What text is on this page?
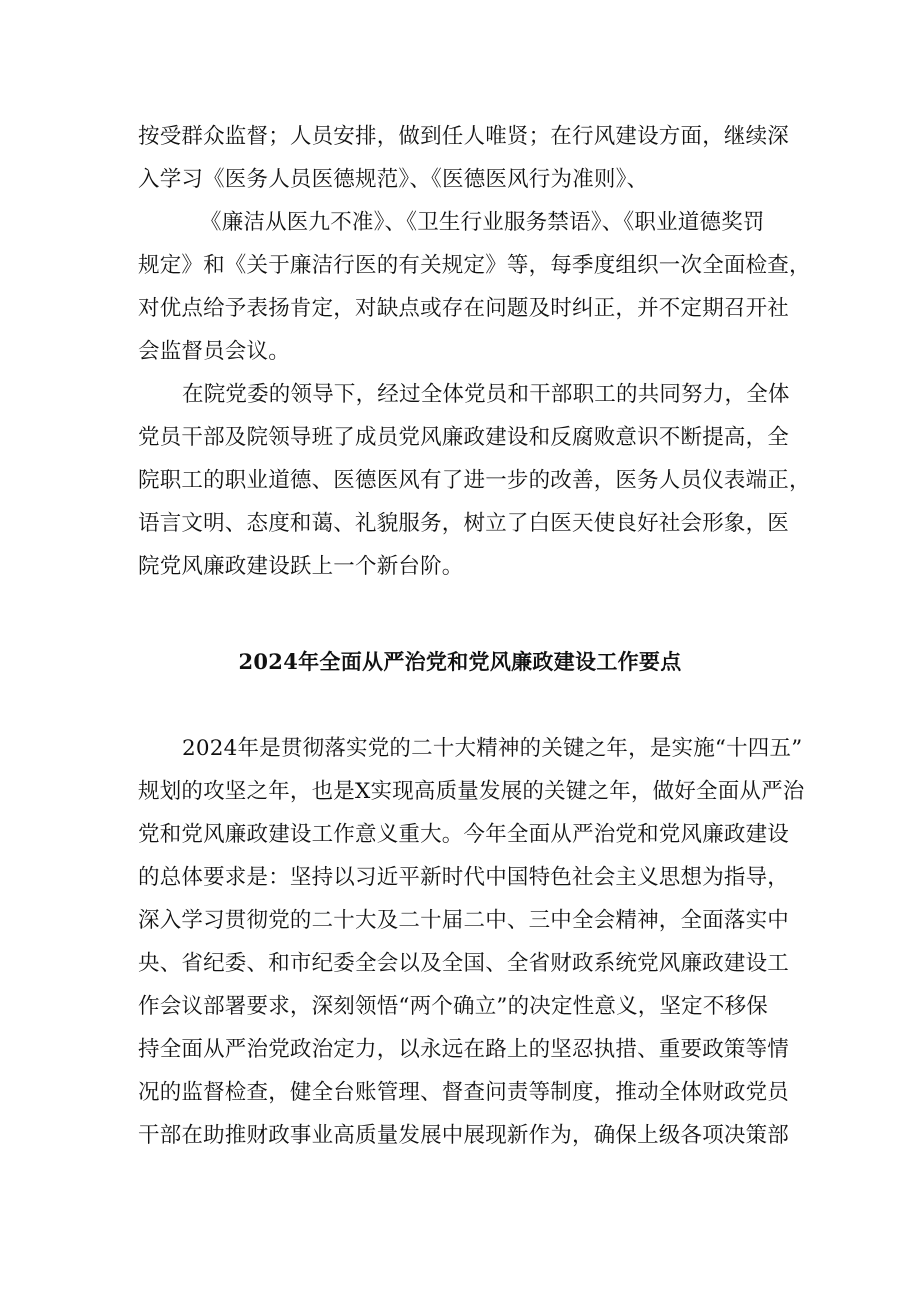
按受群众监督；人员安排，做到任人唯贤；在行风建设方面，继续深
入学习《医务人员医德规范》、《医德医风行为准则》、
《廉洁从医九不准》、《卫生行业服务禁语》、《职业道德奖罚
规定》和《关于廉洁行医的有关规定》等，每季度组织一次全面检查，
对优点给予表扬肯定，对缺点或存在问题及时纠正，并不定期召开社
会监督员会议。
在院党委的领导下，经过全体党员和干部职工的共同努力，全体
党员干部及院领导班了成员党风廉政建设和反腐败意识不断提高，全
院职工的职业道德、医德医风有了进一步的改善，医务人员仪表端正，
语言文明、态度和蔼、礼貌服务，树立了白医天使良好社会形象，医
院党风廉政建设跃上一个新台阶。
2024年全面从严治党和党风廉政建设工作要点
2024年是贯彻落实党的二十大精神的关键之年，是实施“十四五”
规划的攻坚之年，也是X实现高质量发展的关键之年，做好全面从严治
党和党风廉政建设工作意义重大。今年全面从严治党和党风廉政建设
的总体要求是：坚持以习近平新时代中国特色社会主义思想为指导，
深入学习贯彻党的二十大及二十届二中、三中全会精神，全面落实中
央、省纪委、和市纪委全会以及全国、全省财政系统党风廉政建设工
作会议部署要求，深刻领悟“两个确立”的决定性意义，坚定不移保
持全面从严治党政治定力，以永远在路上的坚忍执措、重要政策等情
况的监督检查，健全台账管理、督查问责等制度，推动全体财政党员
干部在助推财政事业高质量发展中展现新作为，确保上级各项决策部
